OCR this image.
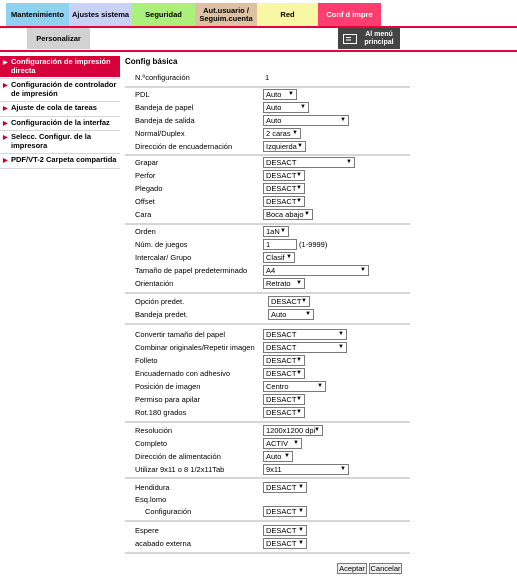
Mantenimiento Ajustes sistema Seguridad	Aut.usuario / Seguim.cuenta	Red	Conf d impre
Personalizar	Al menú principal
▶ Configuración de impresión directa
▶ Configuración de controlador de impresión
▶ Ajuste de cola de tareas
▶ Configuración de la interfaz
▶ Selecc. Configur. de la impresora
▶ PDF/VT-2 Carpeta compartida
Config básica
N.ºconfiguración	1
PDL	Auto ▼
Bandeja de papel	Auto	▼
Bandeja de salida	Auto	▼
Normal/Duplex	2 caras ▼
Dirección de encuadernación	Izquierda ▼
Grapar	DESACT	▼
Perfor	DESACT ▼
Plegado	DESACT ▼
Offset	DESACT ▼
Cara	Boca abajo ▼
Orden	1aN ▼
Núm. de juegos	1	(1-9999)
Intercalar/ Grupo	Clasif ▼
Tamaño de papel predeterminado	A4	▼
Orientación	Retrato ▼
Opción predet.	DESACT ▼
Bandeja predet.	Auto	▼
Convertir tamaño del papel	DESACT	▼
Combinar originales/Repetir imagen	DESACT	▼
Folleto	DESACT ▼
Encuadernado con adhesivo	DESACT ▼
Posición de imagen	Centro	▼
Permiso para apilar	DESACT ▼
Rot.180 grados	DESACT ▼
Resolución	1200x1200 dpi
▼
Completo	ACTIV ▼
Dirección de alimentación	Auto ▼
Utilizar 9x11 o 8 1/2x11Tab	9x11	▼
Hendidura	DESACT ▼
Esq.lomo
Configuración	DESACT ▼
Espere	DESACT ▼
acabado externa	DESACT ▼
Aceptar Cancelar
